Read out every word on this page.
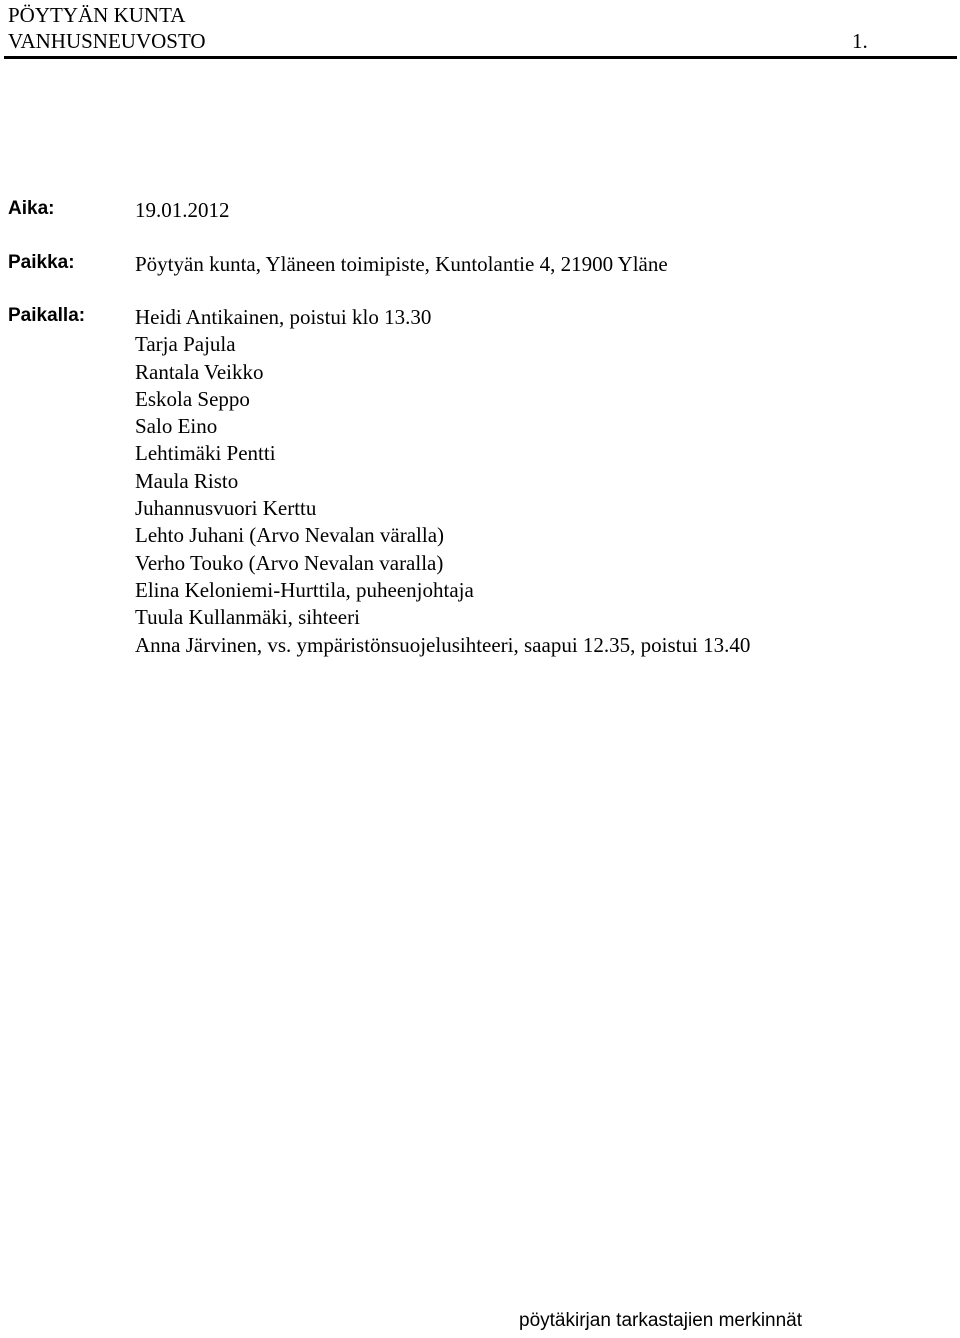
PÖYTYÄN KUNTA
VANHUSNEUVOSTO	1.
Aika:	19.01.2012
Paikka:	Pöytyän kunta, Yläneen toimipiste, Kuntolantie 4, 21900 Yläne
Paikalla: Heidi Antikainen, poistui klo 13.30
Tarja Pajula
Rantala Veikko
Eskola Seppo
Salo Eino
Lehtimäki Pentti
Maula Risto
Juhannusvuori Kerttu
Lehto Juhani (Arvo Nevalan väralla)
Verho Touko (Arvo Nevalan varalla)
Elina Keloniemi-Hurttila, puheenjohtaja
Tuula Kullanmäki, sihteeri
Anna Järvinen, vs. ympäristönsuojelusihteeri, saapui 12.35, poistui 13.40
pöytäkirjan tarkastajien merkinnät
